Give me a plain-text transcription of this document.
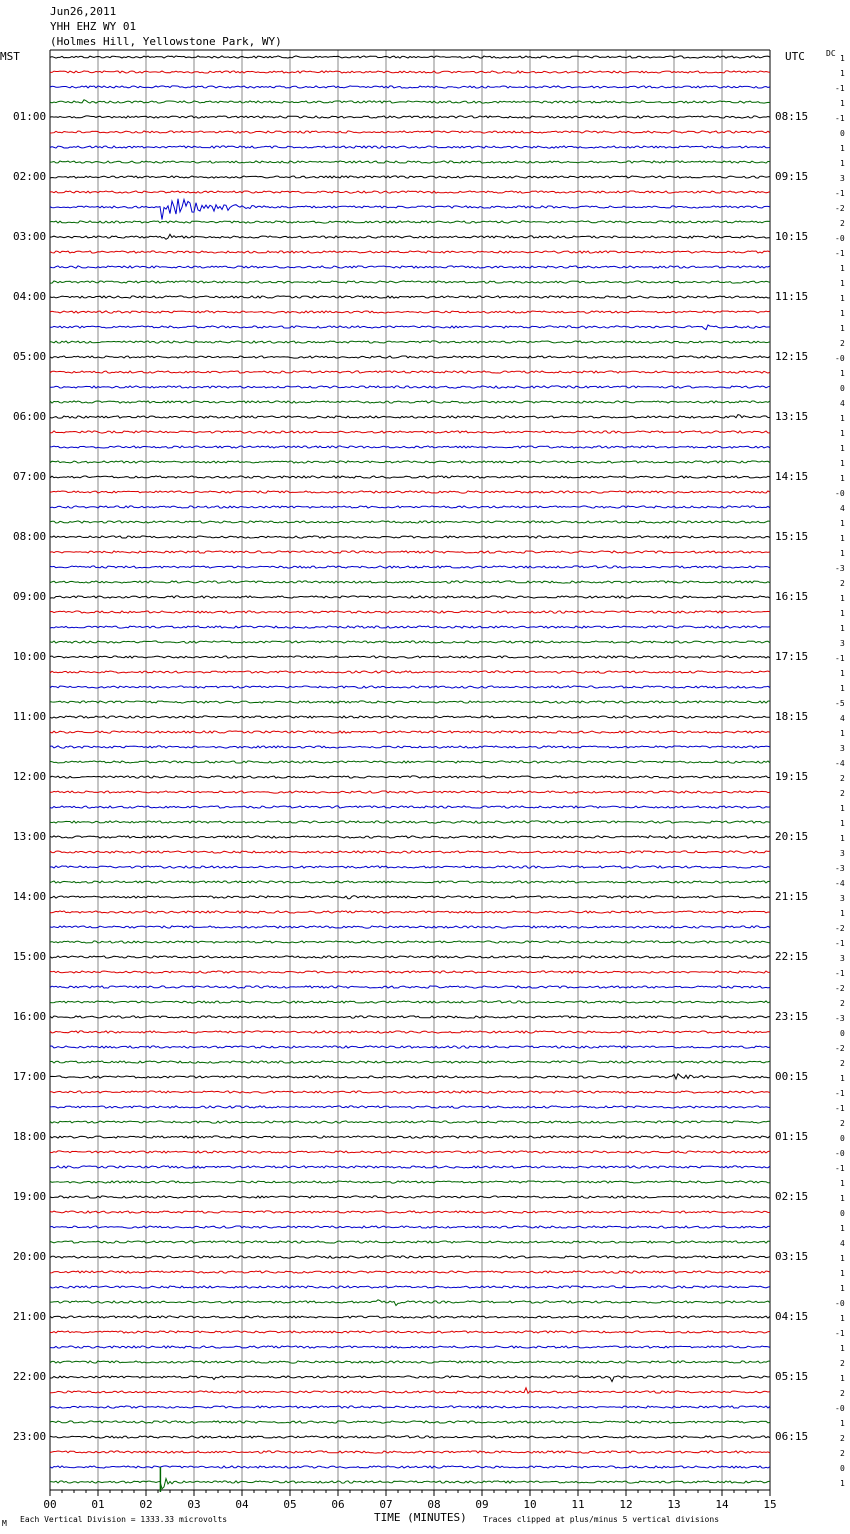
Jun26,2011
YHH EHZ WY 01
(Holmes Hill, Yellowstone Park, WY)
MST	UTC	DC
00	01	02	03	04	05	06	07	08	09	10	11	12	13	14	15
01:00
02:00
03:00
04:00
05:00
06:00
07:00
08:00
09:00
10:00
11:00
12:00
13:00
14:00
15:00
16:00
17:00
18:00
19:00
20:00
21:00
22:00
23:00
08:15
09:15
10:15
11:15
12:15
13:15
14:15
15:15
16:15
17:15
18:15
19:15
20:15
21:15
22:15
23:15
00:15
01:15
02:15
03:15
04:15
05:15
06:15
1
1
-1
1
-1
0
1
1
3
-1
-2
2
-0
-1
1
1
1
1
1
2
-0
1
0
4
1
1
1
1
1
-0
4
1
1
1
-3
2
1
1
1
3
-1
1
1
-5
4
1
3
-4
2
2
1
1
1
3
-3
-4
3
1
-2
-1
3
-1
-2
2
-3
0
-2
2
1
-1
-1
2
0
-0
-1
1
1
0
1
4
1
1
1
-0
1
-1
1
2
1
2
-0
1
2
2
0
1
TIME (MINUTES)
M Each Vertical Division = 1333.33 microvolts	Traces clipped at plus/minus 5 vertical divisions
